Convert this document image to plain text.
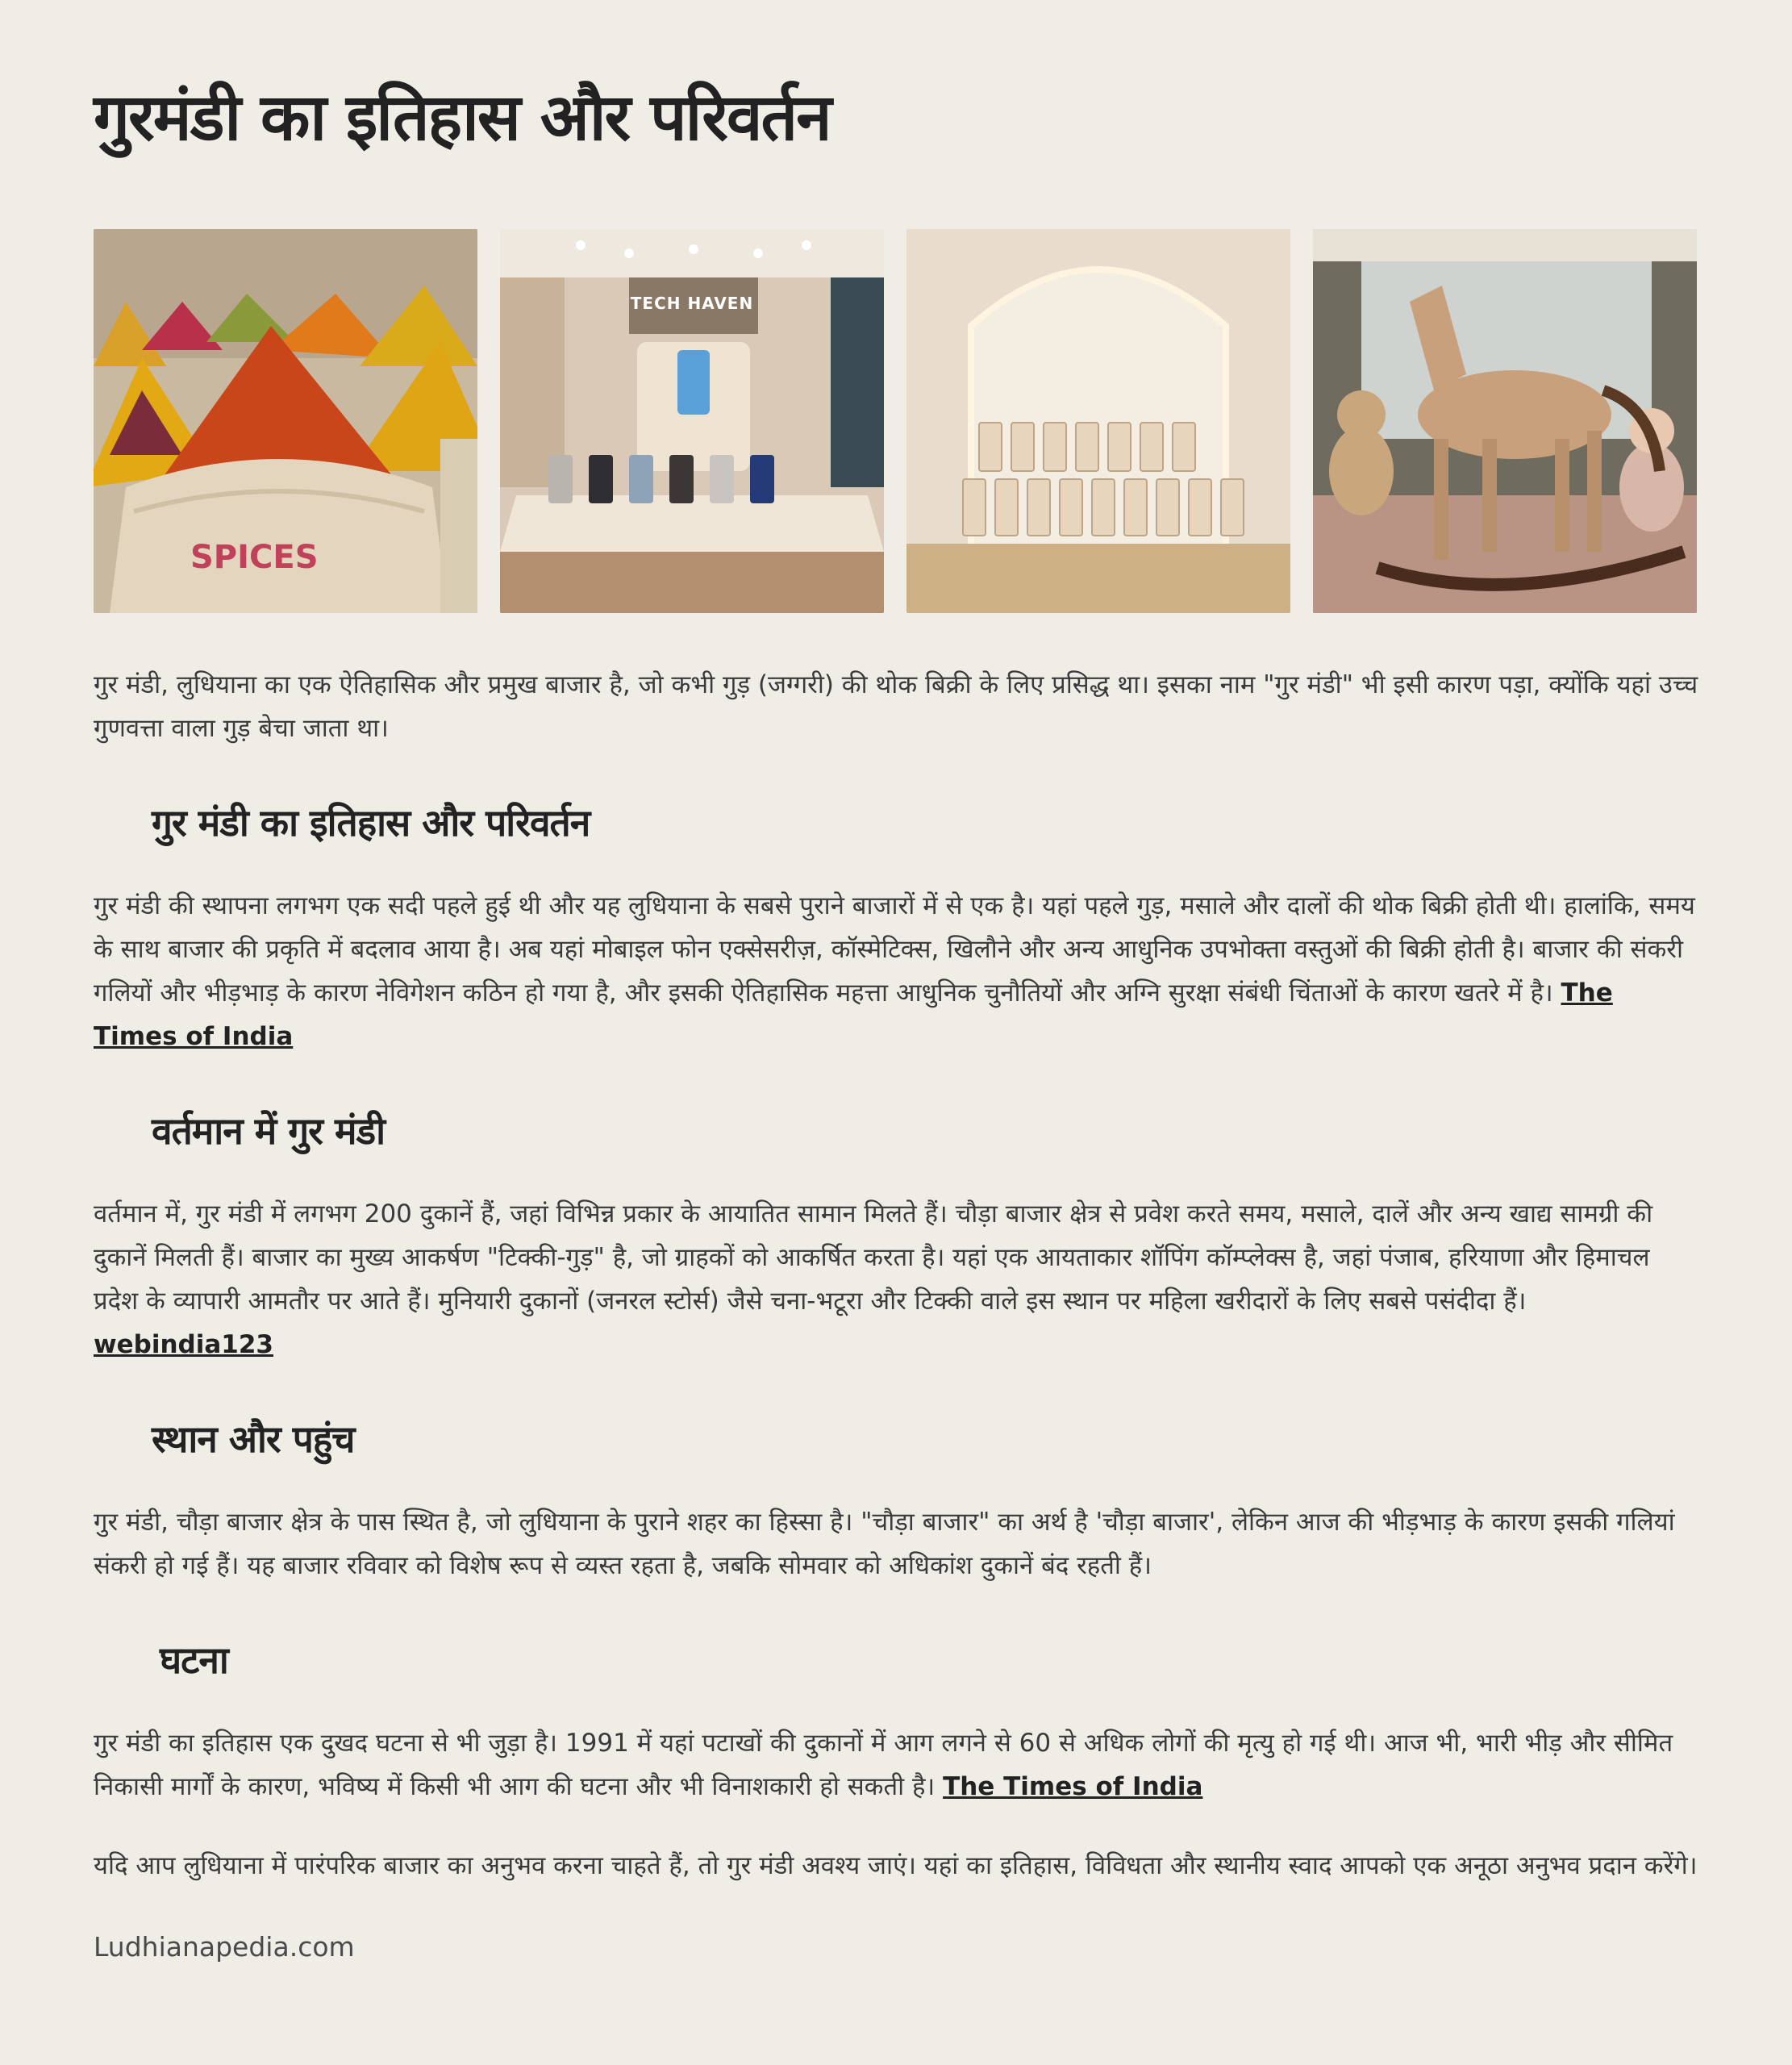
गुरमंडी का इतिहास और परिवर्तन
SPICES
TECH HAVEN

गुर मंडी, लुधियाना का एक ऐतिहासिक और प्रमुख बाजार है, जो कभी गुड़ (जग्गरी) की थोक बिक्री के लिए प्रसिद्ध था। इसका नाम "गुर मंडी" भी इसी कारण पड़ा, क्योंकि यहां उच्च गुणवत्ता वाला गुड़ बेचा जाता था।

गुर मंडी का इतिहास और परिवर्तन

गुर मंडी की स्थापना लगभग एक सदी पहले हुई थी और यह लुधियाना के सबसे पुराने बाजारों में से एक है। यहां पहले गुड़, मसाले और दालों की थोक बिक्री होती थी। हालांकि, समय के साथ बाजार की प्रकृति में बदलाव आया है। अब यहां मोबाइल फोन एक्सेसरीज़, कॉस्मेटिक्स, खिलौने और अन्य आधुनिक उपभोक्ता वस्तुओं की बिक्री होती है। बाजार की संकरी गलियों और भीड़भाड़ के कारण नेविगेशन कठिन हो गया है, और इसकी ऐतिहासिक महत्ता आधुनिक चुनौतियों और अग्नि सुरक्षा संबंधी चिंताओं के कारण खतरे में है। The Times of India

वर्तमान में गुर मंडी

वर्तमान में, गुर मंडी में लगभग 200 दुकानें हैं, जहां विभिन्न प्रकार के आयातित सामान मिलते हैं। चौड़ा बाजार क्षेत्र से प्रवेश करते समय, मसाले, दालें और अन्य खाद्य सामग्री की दुकानें मिलती हैं। बाजार का मुख्य आकर्षण "टिक्की-गुड़" है, जो ग्राहकों को आकर्षित करता है। यहां एक आयताकार शॉपिंग कॉम्प्लेक्स है, जहां पंजाब, हरियाणा और हिमाचल प्रदेश के व्यापारी आमतौर पर आते हैं। मुनियारी दुकानों (जनरल स्टोर्स) जैसे चना-भटूरा और टिक्की वाले इस स्थान पर महिला खरीदारों के लिए सबसे पसंदीदा हैं।
webindia123

स्थान और पहुंच

गुर मंडी, चौड़ा बाजार क्षेत्र के पास स्थित है, जो लुधियाना के पुराने शहर का हिस्सा है। "चौड़ा बाजार" का अर्थ है 'चौड़ा बाजार', लेकिन आज की भीड़भाड़ के कारण इसकी गलियां संकरी हो गई हैं। यह बाजार रविवार को विशेष रूप से व्यस्त रहता है, जबकि सोमवार को अधिकांश दुकानें बंद रहती हैं।

घटना

गुर मंडी का इतिहास एक दुखद घटना से भी जुड़ा है। 1991 में यहां पटाखों की दुकानों में आग लगने से 60 से अधिक लोगों की मृत्यु हो गई थी। आज भी, भारी भीड़ और सीमित निकासी मार्गों के कारण, भविष्य में किसी भी आग की घटना और भी विनाशकारी हो सकती है। The Times of India

यदि आप लुधियाना में पारंपरिक बाजार का अनुभव करना चाहते हैं, तो गुर मंडी अवश्य जाएं। यहां का इतिहास, विविधता और स्थानीय स्वाद आपको एक अनूठा अनुभव प्रदान करेंगे।

Ludhianapedia.com
